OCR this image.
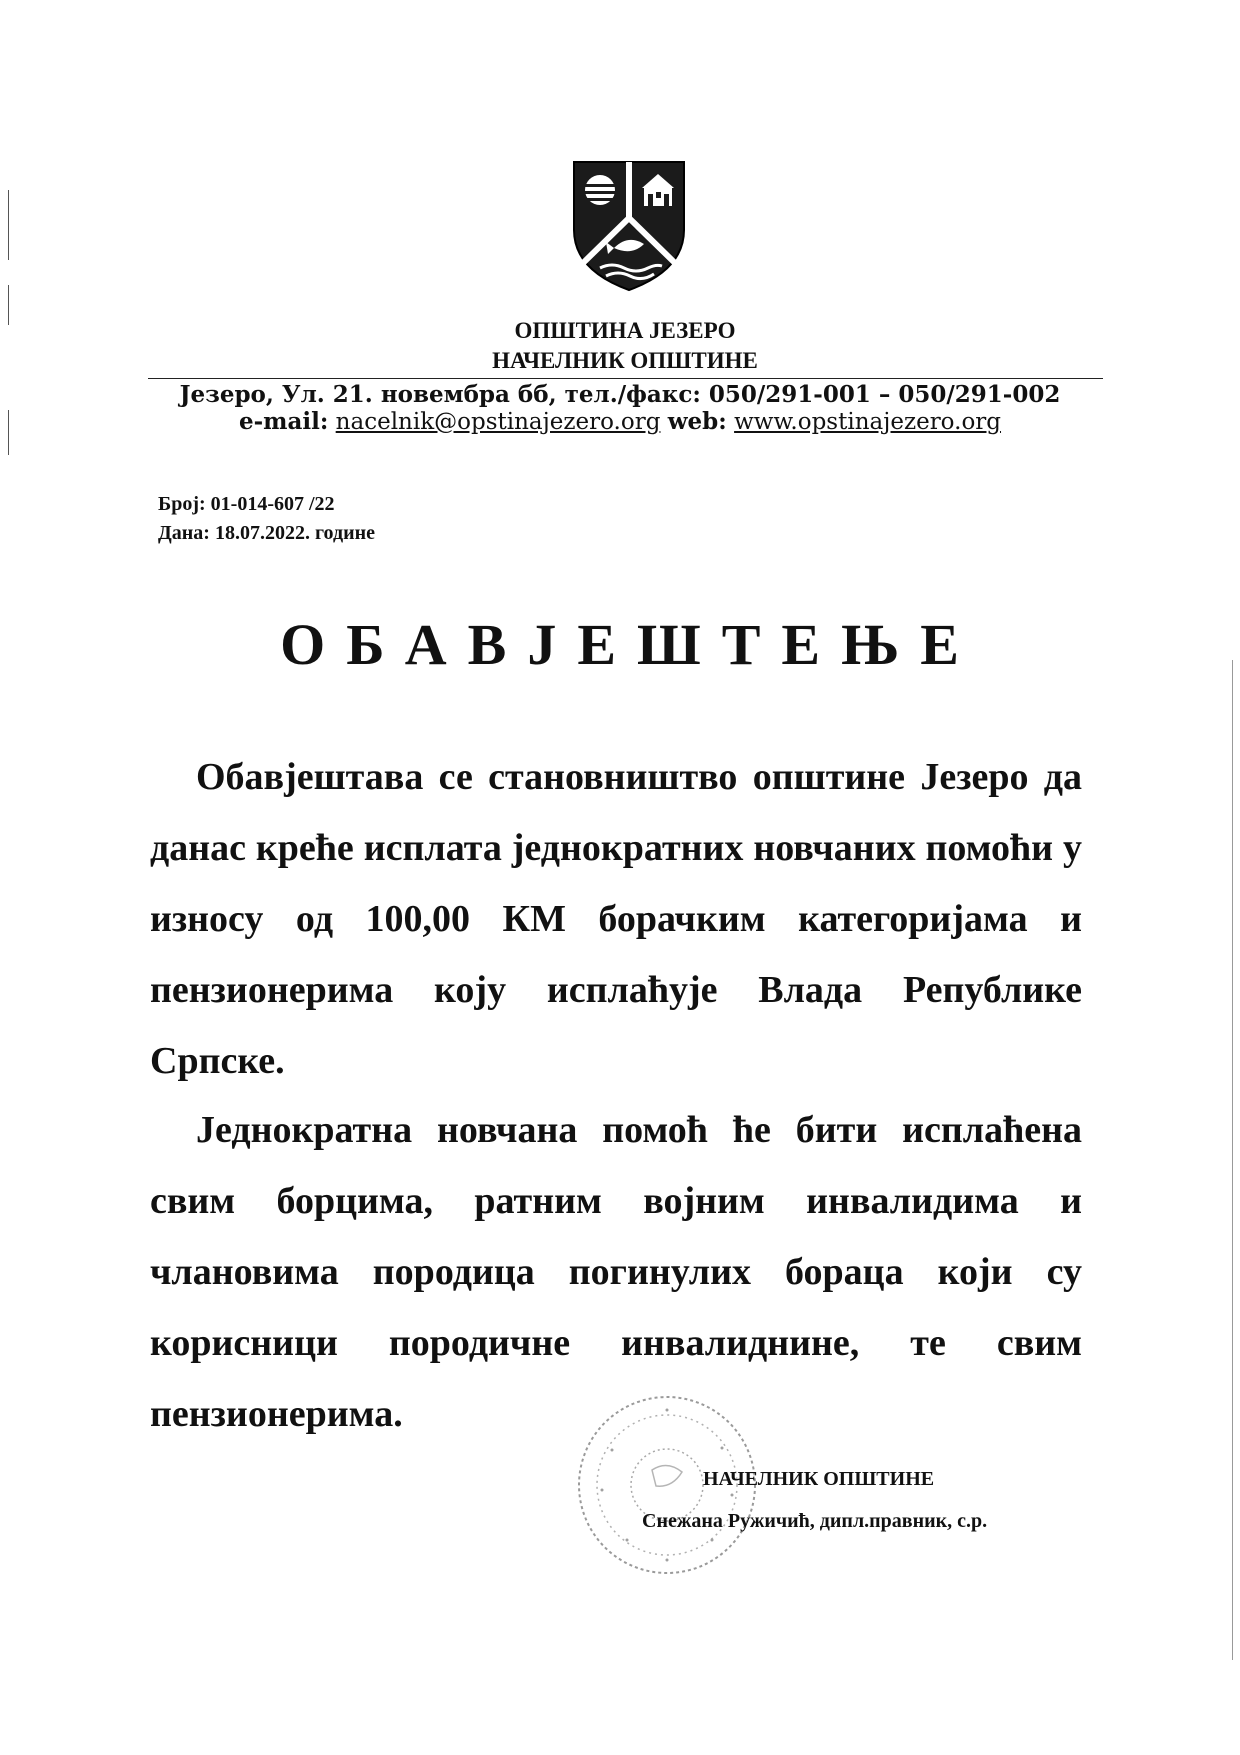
ОПШТИНА ЈЕЗЕРО
НАЧЕЛНИК ОПШТИНЕ
Језеро, Ул. 21. новембра бб, тел./факс: 050/291-001 – 050/291-002
e-mail: nacelnik@opstinajezero.org web: www.opstinajezero.org
Број: 01-014-607 /22
Дана: 18.07.2022. године
ОБАВЈЕШТЕЊЕ
Обавјештава се становништво општине Језеро да данас креће исплата једнократних новчаних помоћи у износу од 100,00 КМ борачким категоријама и пензионерима коју исплаћује Влада Републике Српске.
Једнократна новчана помоћ ће бити исплаћена свим борцима, ратним војним инвалидима и члановима породица погинулих бораца који су корисници породичне инвалиднине, те свим пензионерима.
НАЧЕЛНИК ОПШТИНЕ
Снежана Ружичић, дипл.правник, с.р.
